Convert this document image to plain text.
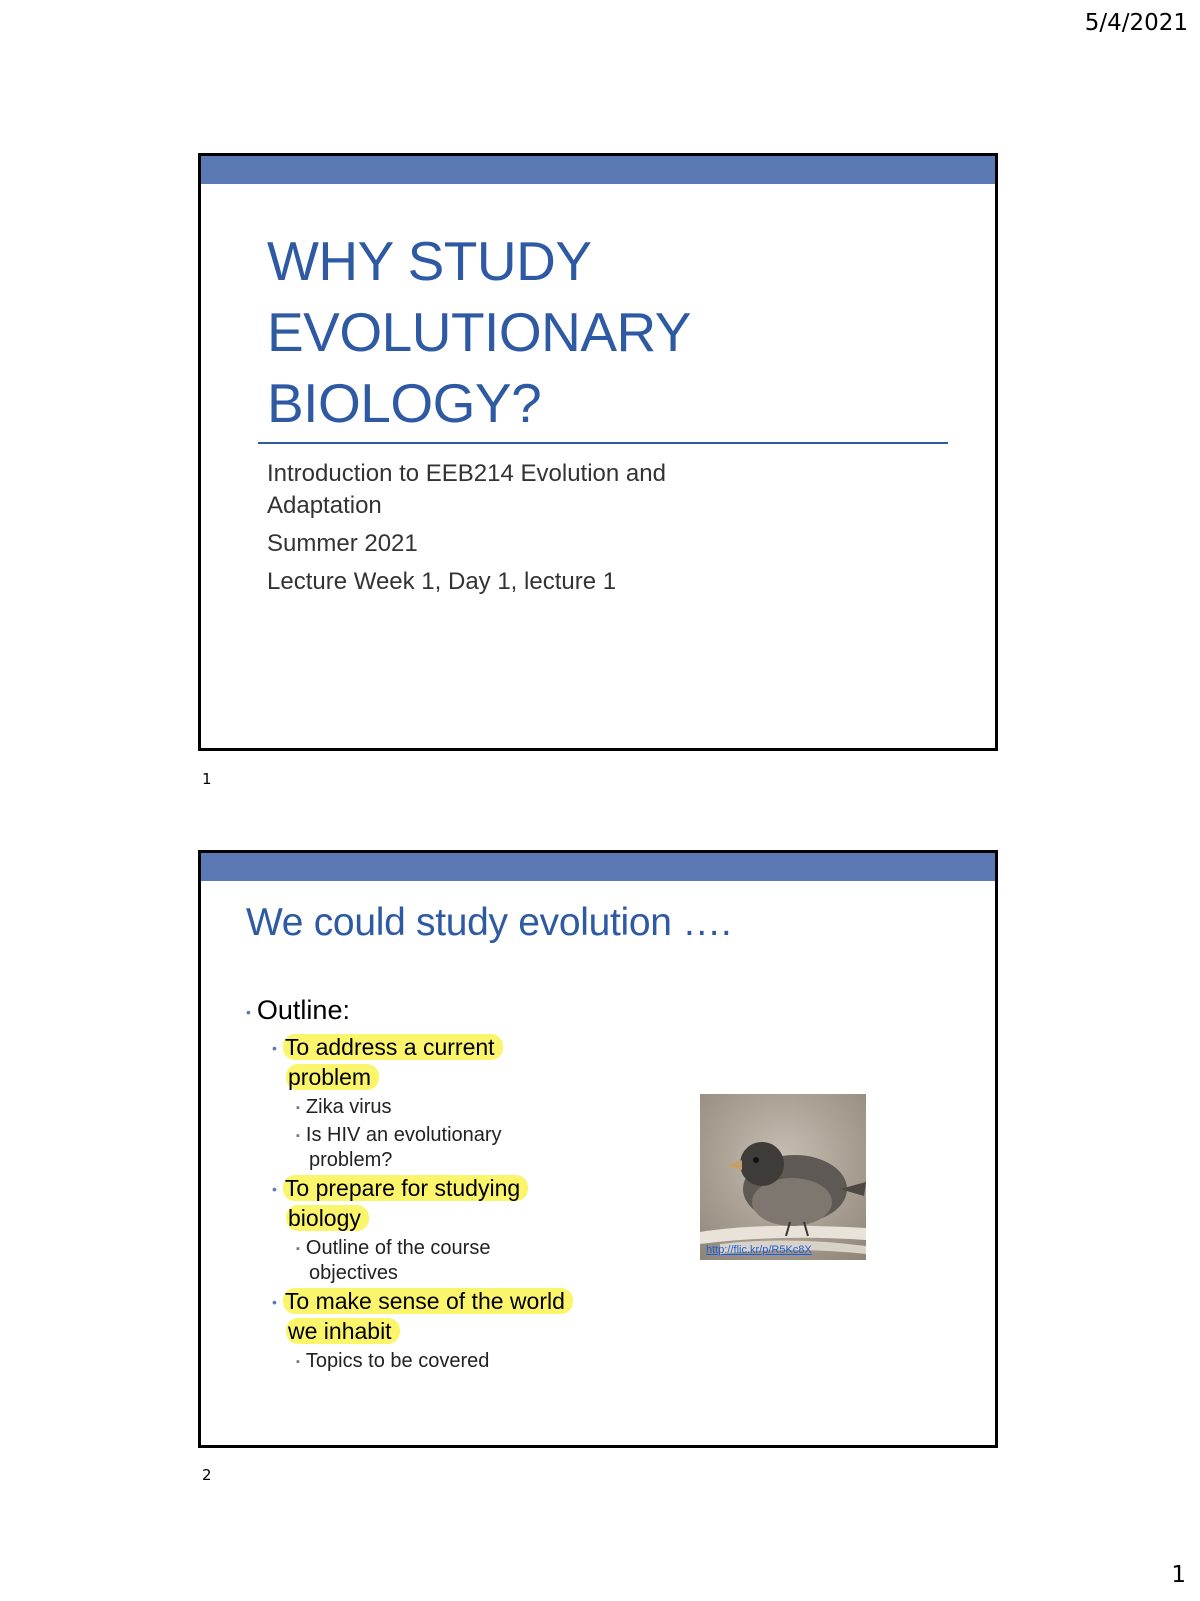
5/4/2021
WHY STUDY
EVOLUTIONARY
BIOLOGY?

Introduction to EEB214 Evolution and Adaptation

Summer 2021

Lecture Week 1, Day 1, lecture 1

1
We could study evolution ….
• Outline:
• To address a current problem
▪ Zika virus
▪ Is HIV an evolutionary problem?
• To prepare for studying biology
▪ Outline of the course objectives
• To make sense of the world we inhabit
▪ Topics to be covered
http://flic.kr/p/R5Kc8X
2
1
